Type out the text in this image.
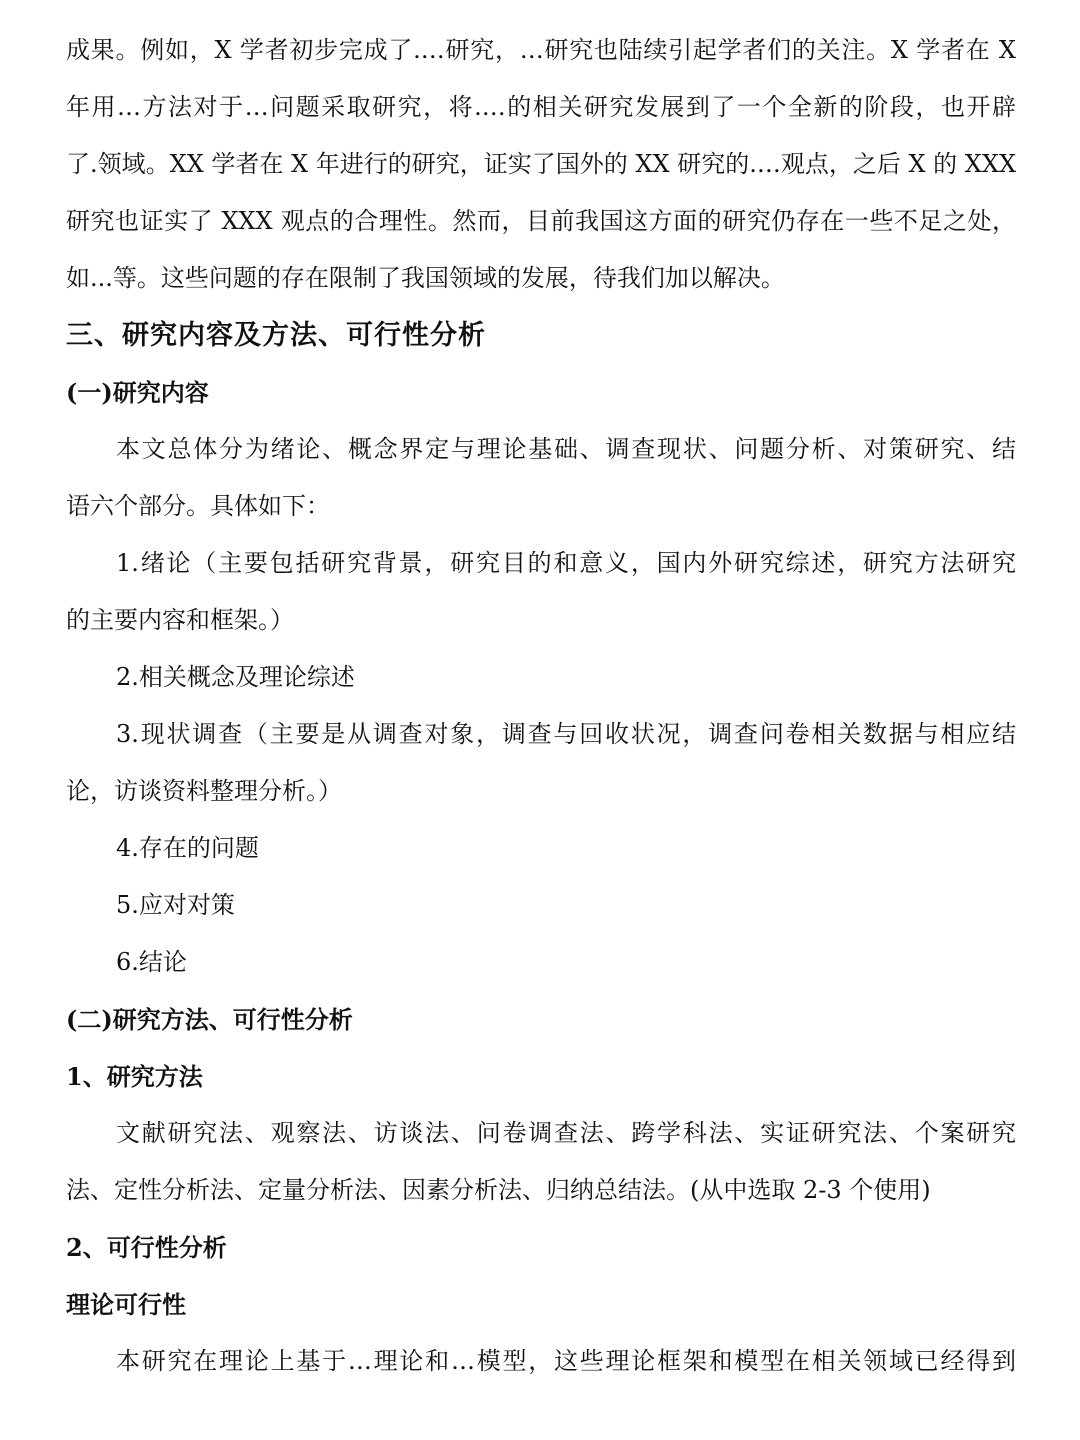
成果。例如，X 学者初步完成了.…研究，…研究也陆续引起学者们的关注。X 学者在 X
年用…方法对于…问题采取研究，将.…的相关研究发展到了一个全新的阶段，也开辟
了.领域。XX 学者在 X 年进行的研究，证实了国外的 XX 研究的.…观点，之后 X 的 XXX
研究也证实了 XXX 观点的合理性。然而，目前我国这方面的研究仍存在一些不足之处，
如...等。这些问题的存在限制了我国领域的发展，待我们加以解决。
三、研究内容及方法、可行性分析
(一)研究内容
本文总体分为绪论、概念界定与理论基础、调查现状、问题分析、对策研究、结
语六个部分。具体如下：
1.绪论（主要包括研究背景，研究目的和意义，国内外研究综述，研究方法研究
的主要内容和框架。）
2.相关概念及理论综述
3.现状调查（主要是从调查对象，调查与回收状况，调查问卷相关数据与相应结
论，访谈资料整理分析。）
4.存在的问题
5.应对对策
6.结论
(二)研究方法、可行性分析
1、研究方法
文献研究法、观察法、访谈法、问卷调查法、跨学科法、实证研究法、个案研究
法、定性分析法、定量分析法、因素分析法、归纳总结法。(从中选取 2-3 个使用)
2、可行性分析
理论可行性
本研究在理论上基于…理论和…模型，这些理论框架和模型在相关领域已经得到
